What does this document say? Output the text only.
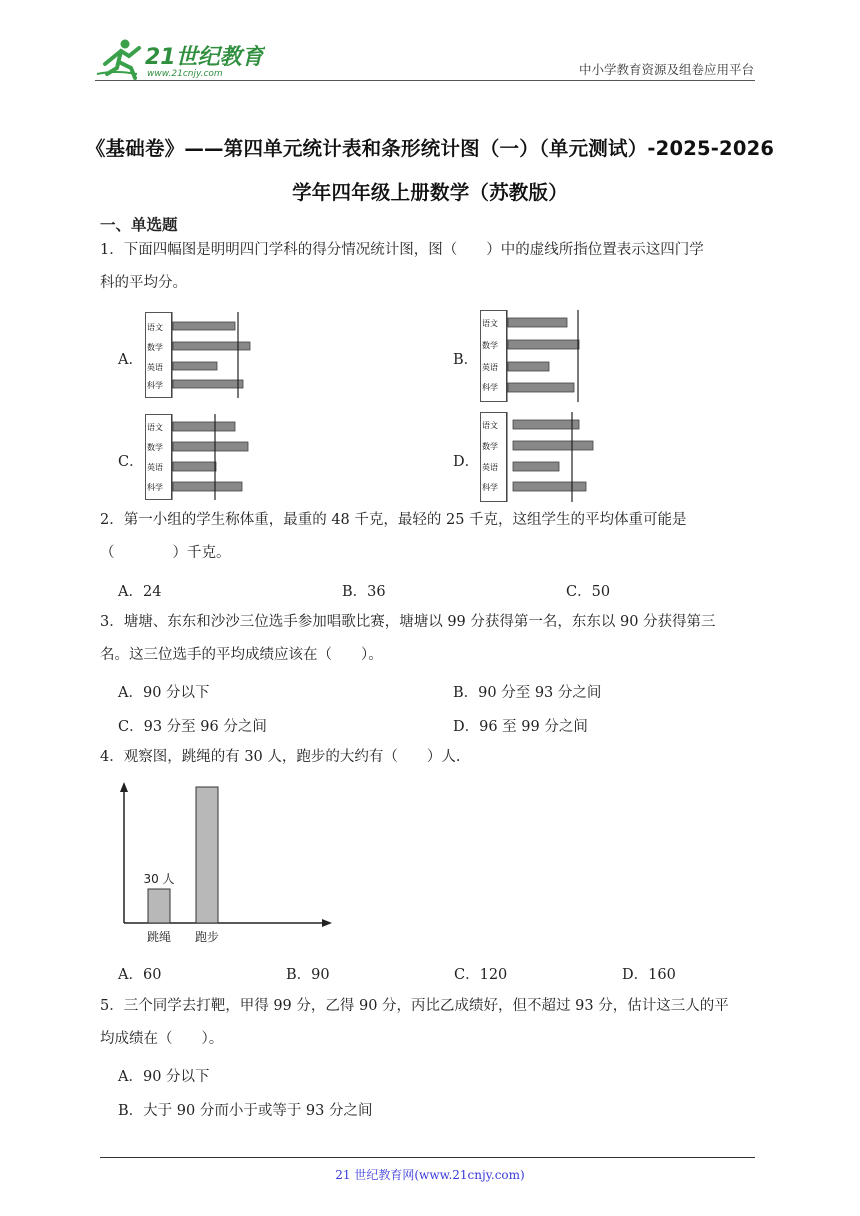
21世纪教育
www.21cnjy.com	中小学教育资源及组卷应用平台
《基础卷》——第四单元统计表和条形统计图（一）（单元测试）-2025-2026
学年四年级上册数学（苏教版）
一、单选题
1．下面四幅图是明明四门学科的得分情况统计图，图（　　）中的虚线所指位置表示这四门学
科的平均分。
A．
语文
数学
英语
科学
B．
语文
数学
英语
科学
C．
语文
数学
英语
科学
D．
语文
数学
英语
科学
2．第一小组的学生称体重，最重的 48 千克，最轻的 25 千克，这组学生的平均体重可能是
（　　　　）千克。
A．24	B．36	C．50
3．塘塘、东东和沙沙三位选手参加唱歌比赛，塘塘以 99 分获得第一名，东东以 90 分获得第三
名。这三位选手的平均成绩应该在（　　）。
A．90 分以下	B．90 分至 93 分之间
C．93 分至 96 分之间	D．96 至 99 分之间
4．观察图，跳绳的有 30 人，跑步的大约有（　　）人.
30 人
跳绳 跑步
A．60	B．90	C．120	D．160
5．三个同学去打靶，甲得 99 分，乙得 90 分，丙比乙成绩好，但不超过 93 分，估计这三人的平
均成绩在（　　）。
A．90 分以下
B．大于 90 分而小于或等于 93 分之间
21 世纪教育网(www.21cnjy.com)
